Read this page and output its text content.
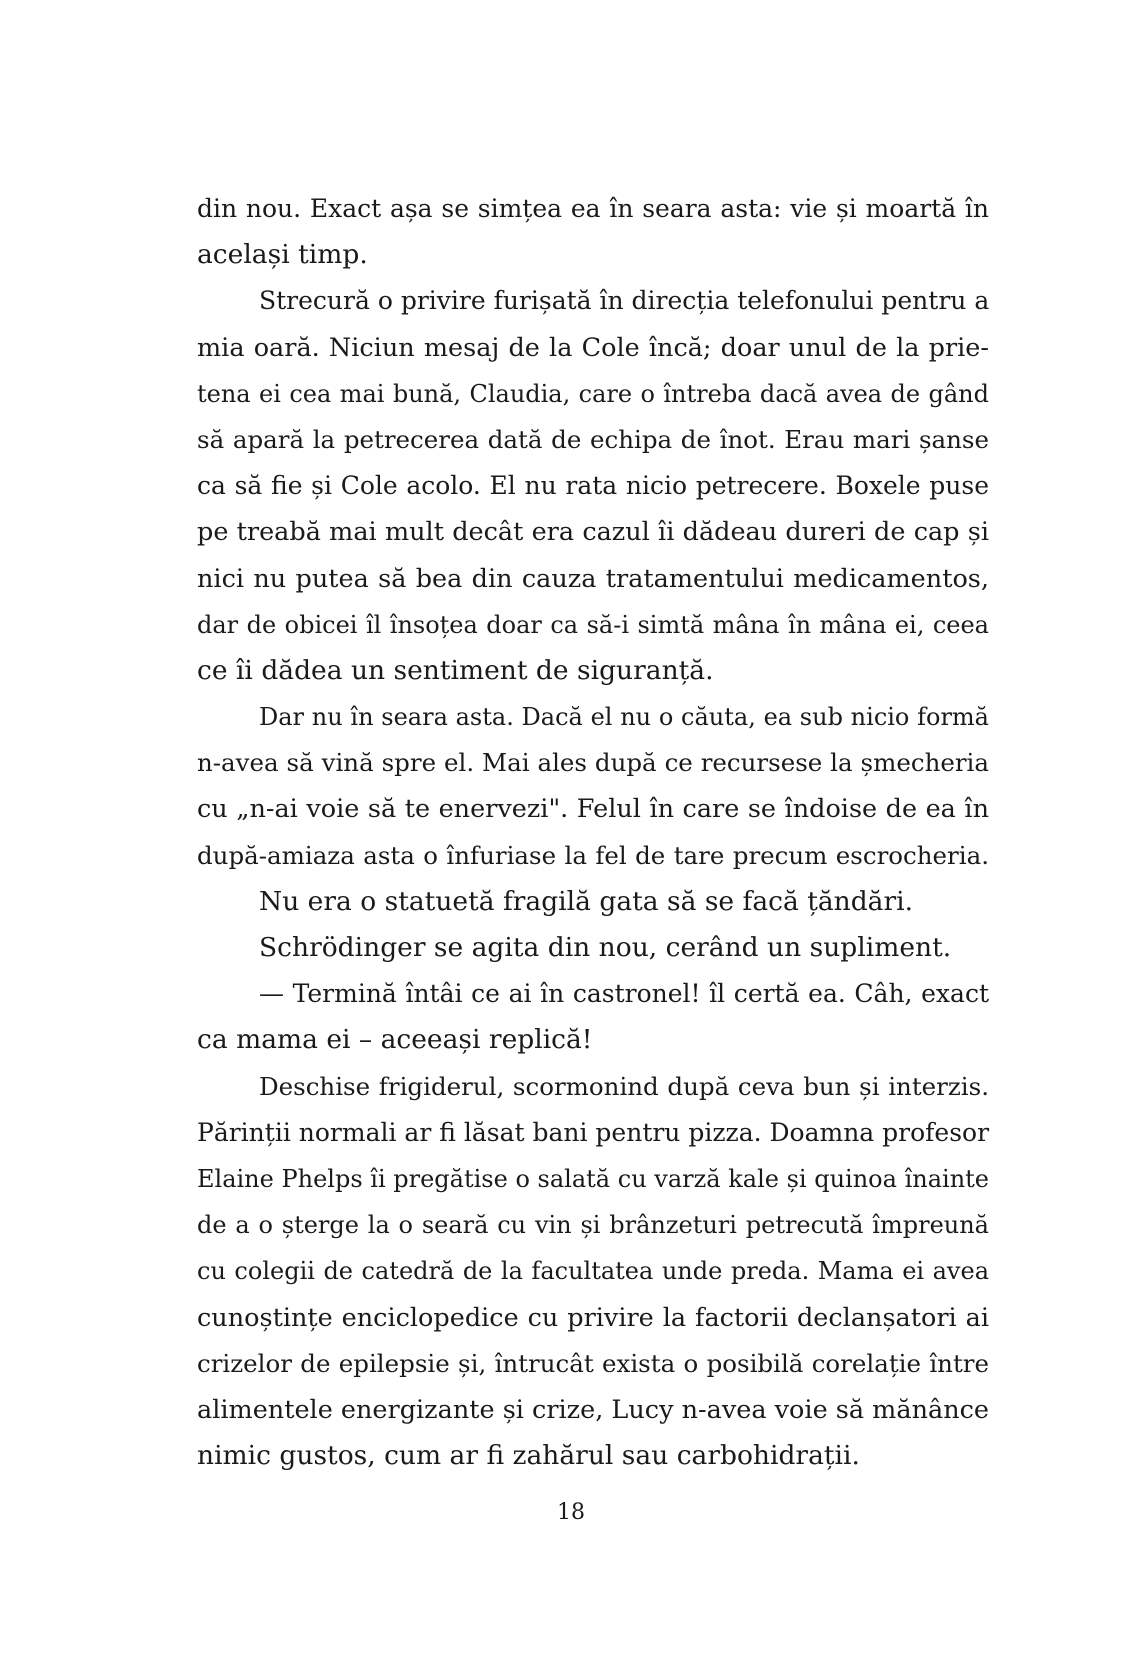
din nou. Exact așa se simțea ea în seara asta: vie și moartă în
același timp.
Strecură o privire furișată în direcția telefonului pentru a
mia oară. Niciun mesaj de la Cole încă; doar unul de la prie-
tena ei cea mai bună, Claudia, care o întreba dacă avea de gând
să apară la petrecerea dată de echipa de înot. Erau mari șanse
ca să fie și Cole acolo. El nu rata nicio petrecere. Boxele puse
pe treabă mai mult decât era cazul îi dădeau dureri de cap și
nici nu putea să bea din cauza tratamentului medicamentos,
dar de obicei îl însoțea doar ca să-i simtă mâna în mâna ei, ceea
ce îi dădea un sentiment de siguranță.
Dar nu în seara asta. Dacă el nu o căuta, ea sub nicio formă
n-avea să vină spre el. Mai ales după ce recursese la șmecheria
cu „n-ai voie să te enervezi". Felul în care se îndoise de ea în
după-amiaza asta o înfuriase la fel de tare precum escrocheria.
Nu era o statuetă fragilă gata să se facă țăndări.
Schrödinger se agita din nou, cerând un supliment.
— Termină întâi ce ai în castronel! îl certă ea. Câh, exact
ca mama ei – aceeași replică!
Deschise frigiderul, scormonind după ceva bun și interzis.
Părinții normali ar fi lăsat bani pentru pizza. Doamna profesor
Elaine Phelps îi pregătise o salată cu varză kale și quinoa înainte
de a o șterge la o seară cu vin și brânzeturi petrecută împreună
cu colegii de catedră de la facultatea unde preda. Mama ei avea
cunoștințe enciclopedice cu privire la factorii declanșatori ai
crizelor de epilepsie și, întrucât exista o posibilă corelație între
alimentele energizante și crize, Lucy n-avea voie să mănânce
nimic gustos, cum ar fi zahărul sau carbohidrații.
18
